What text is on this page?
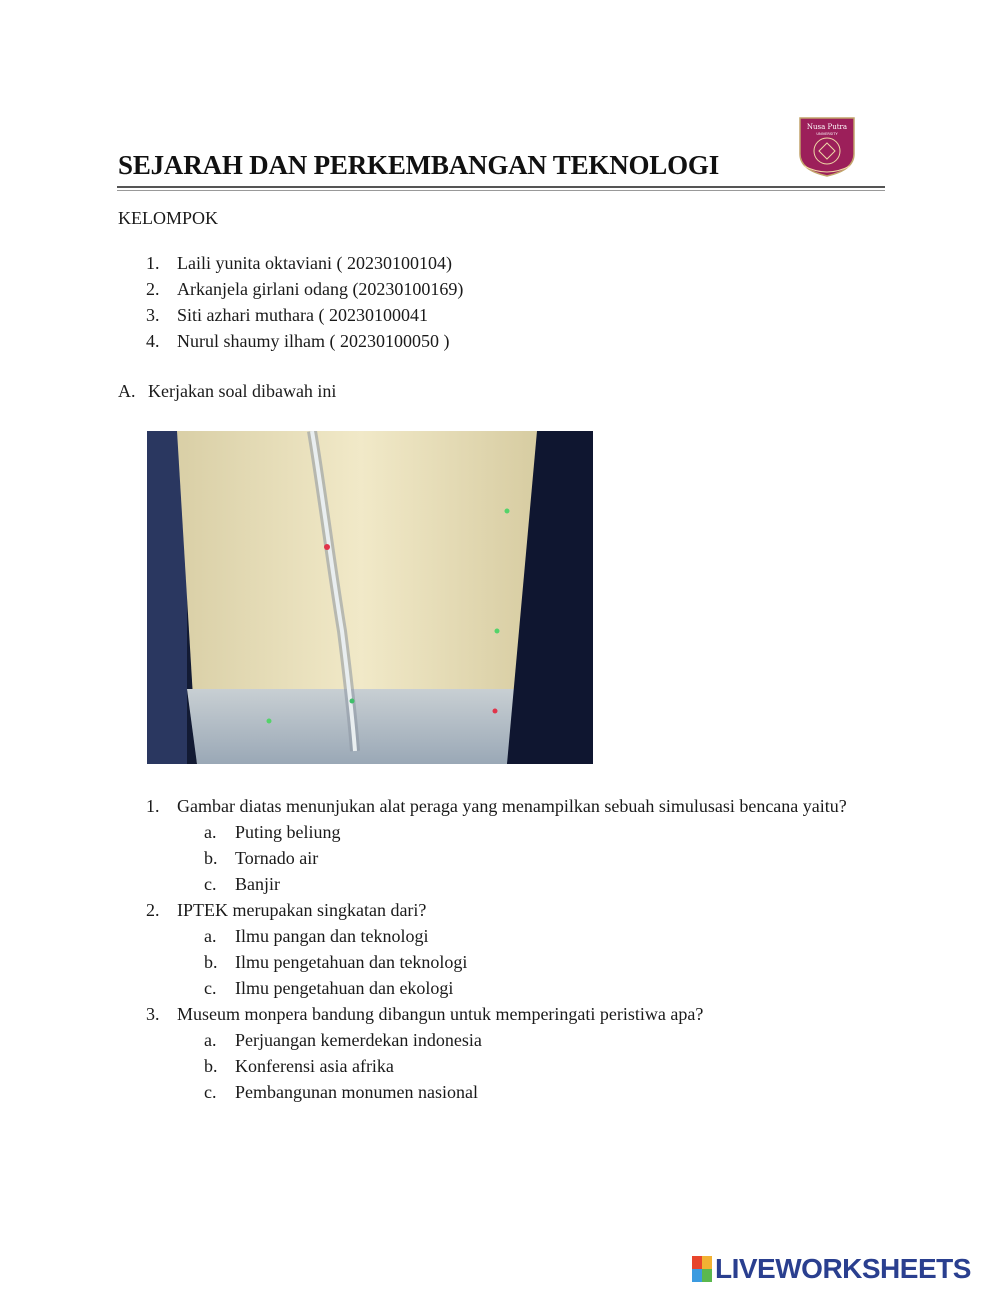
SEJARAH DAN PERKEMBANGAN TEKNOLOGI
Nusa Putra
UNIVERSITY
KELOMPOK
1. Laili yunita oktaviani ( 20230100104)
2. Arkanjela girlani odang (20230100169)
3. Siti azhari muthara ( 20230100041
4. Nurul shaumy ilham ( 20230100050 )
A. Kerjakan soal dibawah ini
1. Gambar diatas menunjukan alat peraga yang menampilkan sebuah simulusasi bencana yaitu?
a. Puting beliung
b. Tornado air
c. Banjir
2. IPTEK merupakan singkatan dari?
a. Ilmu pangan dan teknologi
b. Ilmu pengetahuan dan teknologi
c. Ilmu pengetahuan dan ekologi
3. Museum monpera bandung dibangun untuk memperingati peristiwa apa?
a. Perjuangan kemerdekan indonesia
b. Konferensi asia afrika
c. Pembangunan monumen nasional
LIVEWORKSHEETS
